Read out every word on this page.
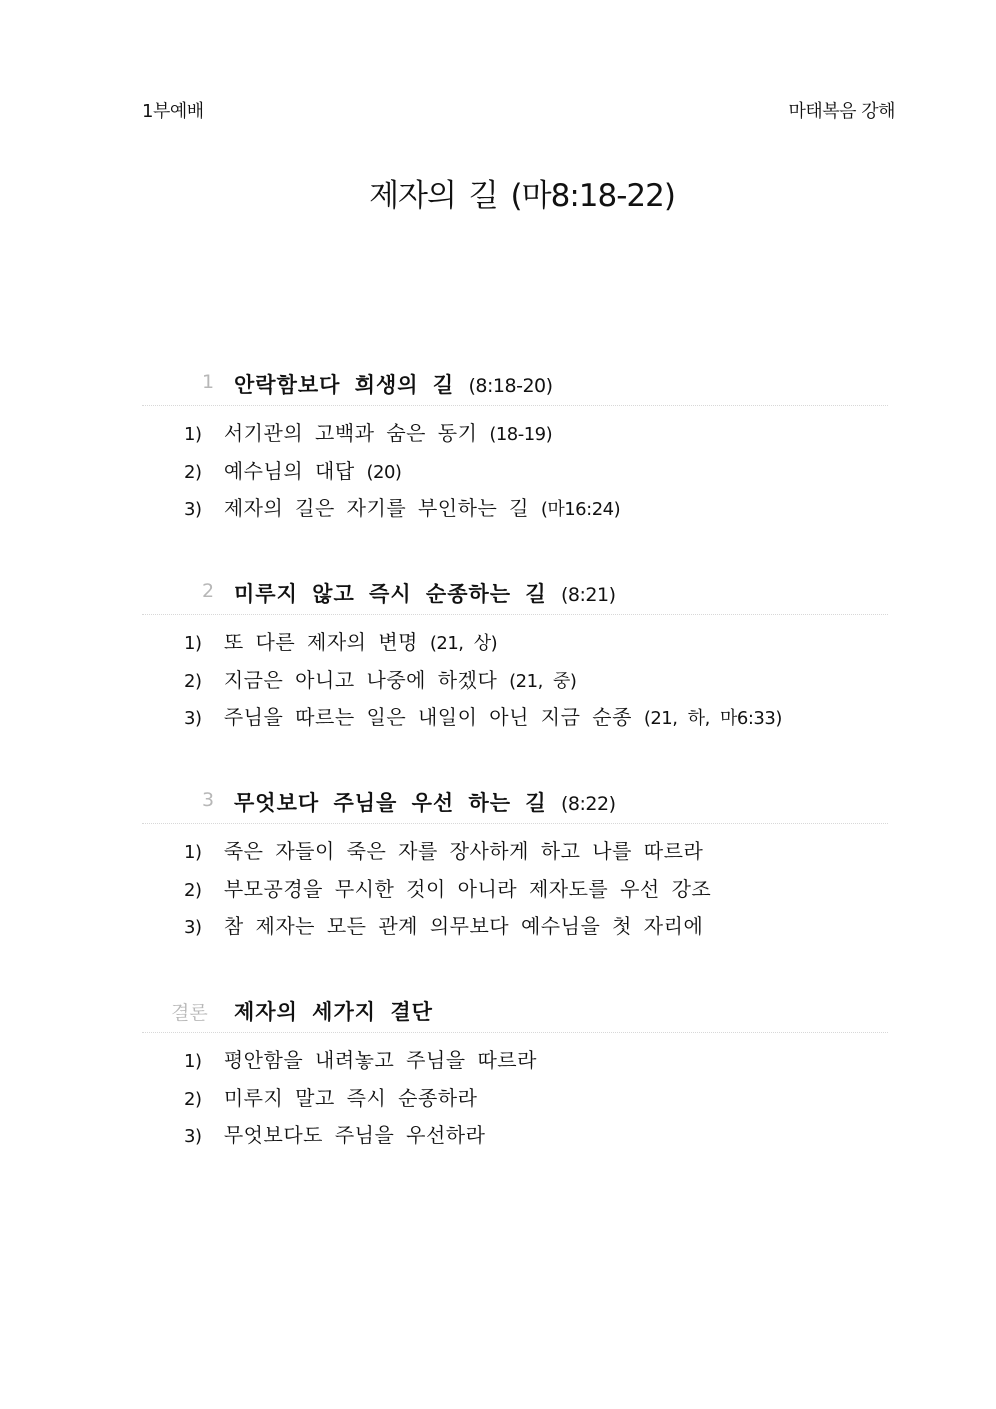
1부예배	마태복음 강해
제자의 길 (마8:18-22)
1 안락함보다 희생의 길 (8:18-20)
1) 서기관의 고백과 숨은 동기 (18-19)
2) 예수님의 대답 (20)
3) 제자의 길은 자기를 부인하는 길 (마16:24)
2 미루지 않고 즉시 순종하는 길 (8:21)
1) 또 다른 제자의 변명 (21, 상)
2) 지금은 아니고 나중에 하겠다 (21, 중)
3) 주님을 따르는 일은 내일이 아닌 지금 순종 (21, 하, 마6:33)
3 무엇보다 주님을 우선 하는 길 (8:22)
1) 죽은 자들이 죽은 자를 장사하게 하고 나를 따르라
2) 부모공경을 무시한 것이 아니라 제자도를 우선 강조
3) 참 제자는 모든 관계 의무보다 예수님을 첫 자리에
결론 제자의 세가지 결단
1) 평안함을 내려놓고 주님을 따르라
2) 미루지 말고 즉시 순종하라
3) 무엇보다도 주님을 우선하라
